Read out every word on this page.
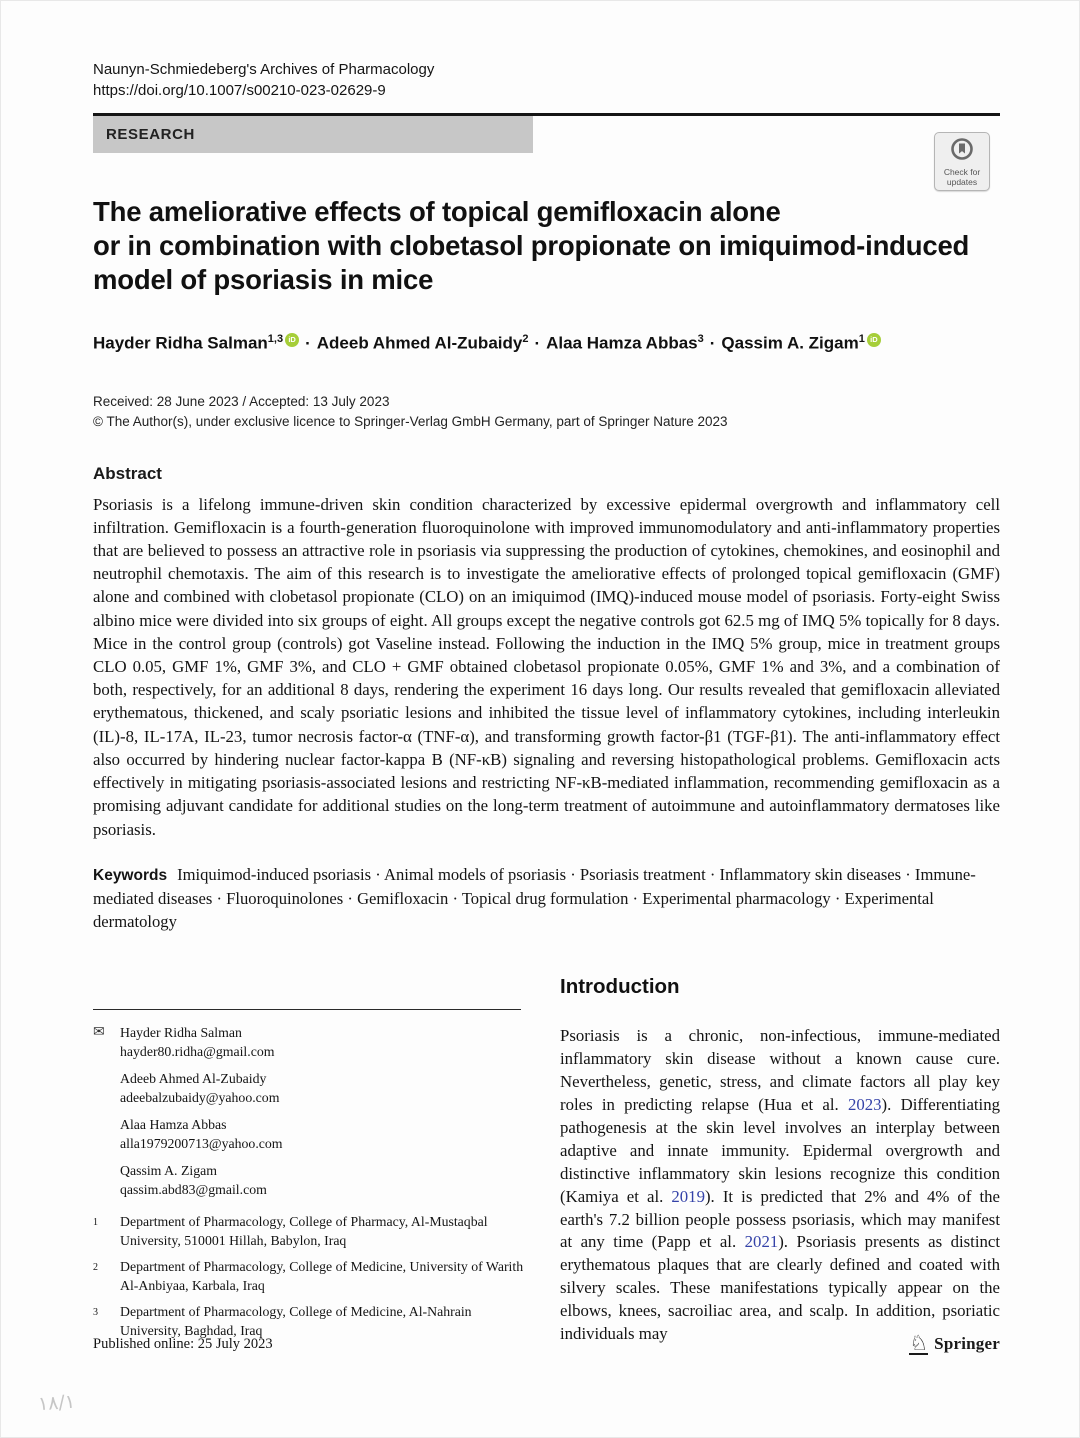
Naunyn-Schmiedeberg's Archives of Pharmacology
https://doi.org/10.1007/s00210-023-02629-9
RESEARCH
Check for updates
The ameliorative effects of topical gemifloxacin alone
or in combination with clobetasol propionate on imiquimod-induced
model of psoriasis in mice
Hayder Ridha Salman$^{1,3}$ iD · Adeeb Ahmed Al-Zubaidy$^2$ · Alaa Hamza Abbas$^3$ · Qassim A. Zigam$^1$ iD
Received: 28 June 2023 / Accepted: 13 July 2023
© The Author(s), under exclusive licence to Springer-Verlag GmbH Germany, part of Springer Nature 2023
Abstract
Psoriasis is a lifelong immune-driven skin condition characterized by excessive epidermal overgrowth and inflammatory cell infiltration. Gemifloxacin is a fourth-generation fluoroquinolone with improved immunomodulatory and anti-inflammatory properties that are believed to possess an attractive role in psoriasis via suppressing the production of cytokines, chemokines, and eosinophil and neutrophil chemotaxis. The aim of this research is to investigate the ameliorative effects of prolonged topical gemifloxacin (GMF) alone and combined with clobetasol propionate (CLO) on an imiquimod (IMQ)-induced mouse model of psoriasis. Forty-eight Swiss albino mice were divided into six groups of eight. All groups except the negative controls got 62.5 mg of IMQ 5% topically for 8 days. Mice in the control group (controls) got Vaseline instead. Following the induction in the IMQ 5% group, mice in treatment groups CLO 0.05, GMF 1%, GMF 3%, and CLO + GMF obtained clobetasol propionate 0.05%, GMF 1% and 3%, and a combination of both, respectively, for an additional 8 days, rendering the experiment 16 days long. Our results revealed that gemifloxacin alleviated erythematous, thickened, and scaly psoriatic lesions and inhibited the tissue level of inflammatory cytokines, including interleukin (IL)-8, IL-17A, IL-23, tumor necrosis factor-α (TNF-α), and transforming growth factor-β1 (TGF-β1). The anti-inflammatory effect also occurred by hindering nuclear factor-kappa B (NF-κB) signaling and reversing histopathological problems. Gemifloxacin acts effectively in mitigating psoriasis-associated lesions and restricting NF-κB-mediated inflammation, recommending gemifloxacin as a promising adjuvant candidate for additional studies on the long-term treatment of autoimmune and autoinflammatory dermatoses like psoriasis.
Keywords Imiquimod-induced psoriasis · Animal models of psoriasis · Psoriasis treatment · Inflammatory skin diseases · Immune-mediated diseases · Fluoroquinolones · Gemifloxacin · Topical drug formulation · Experimental pharmacology · Experimental dermatology
✉	Hayder Ridha Salman
hayder80.ridha@gmail.com
Adeeb Ahmed Al-Zubaidy
adeebalzubaidy@yahoo.com
Alaa Hamza Abbas
alla1979200713@yahoo.com
Qassim A. Zigam
qassim.abd83@gmail.com
1	Department of Pharmacology, College of Pharmacy, Al-Mustaqbal University, 510001 Hillah, Babylon, Iraq
2	Department of Pharmacology, College of Medicine, University of Warith Al-Anbiyaa, Karbala, Iraq
3	Department of Pharmacology, College of Medicine, Al-Nahrain University, Baghdad, Iraq
Introduction
Psoriasis is a chronic, non-infectious, immune-mediated inflammatory skin disease without a known cause cure. Nevertheless, genetic, stress, and climate factors all play key roles in predicting relapse (Hua et al. 2023). Differentiating pathogenesis at the skin level involves an interplay between adaptive and innate immunity. Epidermal overgrowth and distinctive inflammatory skin lesions recognize this condition (Kamiya et al. 2019). It is predicted that 2% and 4% of the earth's 7.2 billion people possess psoriasis, which may manifest at any time (Papp et al. 2021). Psoriasis presents as distinct erythematous plaques that are clearly defined and coated with silvery scales. These manifestations typically appear on the elbows, knees, sacroiliac area, and scalp. In addition, psoriatic individuals may
Published online: 25 July 2023	♘ Springer
١٨/١
